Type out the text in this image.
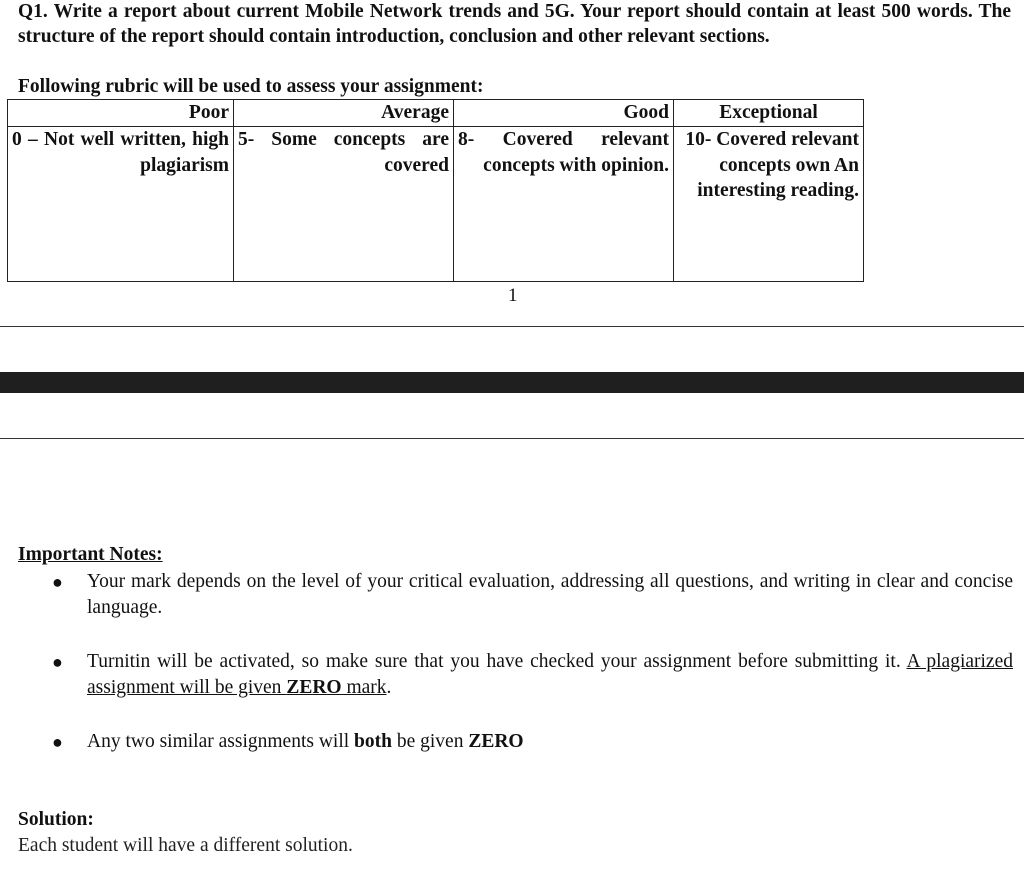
Q1. Write a report about current Mobile Network trends and 5G. Your report should contain at least 500 words. The structure of the report should contain introduction, conclusion and other relevant sections.
Following rubric will be used to assess your assignment:
Poor	Average	Good	Exceptional

0 – Not well written, high plagiarism	5- Some concepts are covered	8- Covered relevant concepts with opinion.	10- Covered relevant concepts own An interesting reading.
1
Important Notes:
● Your mark depends on the level of your critical evaluation, addressing all questions, and writing in clear and concise language.
● Turnitin will be activated, so make sure that you have checked your assignment before submitting it. A plagiarized assignment will be given ZERO mark.
● Any two similar assignments will both be given ZERO
Solution:
Each student will have a different solution.
